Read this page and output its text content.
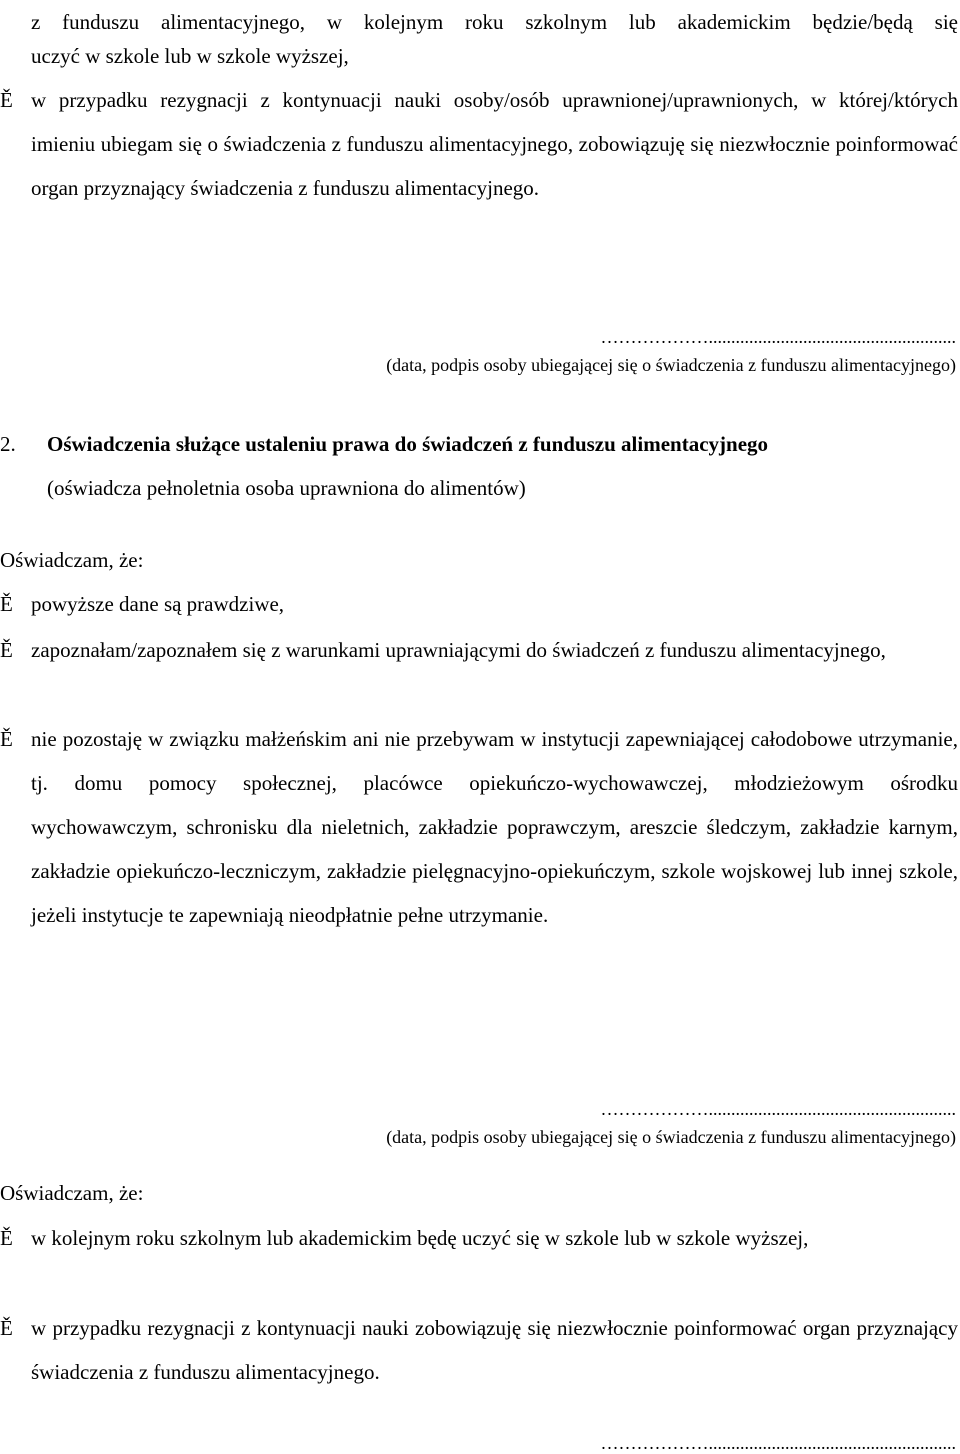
z funduszu alimentacyjnego, w kolejnym roku szkolnym lub akademickim będzie/będą się
uczyć w szkole lub w szkole wyższej,
Ě w przypadku rezygnacji z kontynuacji nauki osoby/osób uprawnionej/uprawnionych, w której/których imieniu ubiegam się o świadczenia z funduszu alimentacyjnego, zobowiązuję się niezwłocznie poinformować organ przyznający świadczenia z funduszu alimentacyjnego.
……………….......................................................
(data, podpis osoby ubiegającej się o świadczenia z funduszu alimentacyjnego)
2. Oświadczenia służące ustaleniu prawa do świadczeń z funduszu alimentacyjnego
(oświadcza pełnoletnia osoba uprawniona do alimentów)
Oświadczam, że:
Ě powyższe dane są prawdziwe,
Ě zapoznałam/zapoznałem się z warunkami uprawniającymi do świadczeń z funduszu alimentacyjnego,
Ě nie pozostaję w związku małżeńskim ani nie przebywam w instytucji zapewniającej całodobowe utrzymanie, tj. domu pomocy społecznej, placówce opiekuńczo-wychowawczej, młodzieżowym ośrodku wychowawczym, schronisku dla nieletnich, zakładzie poprawczym, areszcie śledczym, zakładzie karnym, zakładzie opiekuńczo-leczniczym, zakładzie pielęgnacyjno-opiekuńczym, szkole wojskowej lub innej szkole, jeżeli instytucje te zapewniają nieodpłatnie pełne utrzymanie.
……………….......................................................
(data, podpis osoby ubiegającej się o świadczenia z funduszu alimentacyjnego)
Oświadczam, że:
Ě w kolejnym roku szkolnym lub akademickim będę uczyć się w szkole lub w szkole wyższej,
Ě w przypadku rezygnacji z kontynuacji nauki zobowiązuję się niezwłocznie poinformować organ przyznający świadczenia z funduszu alimentacyjnego.
……………….......................................................
